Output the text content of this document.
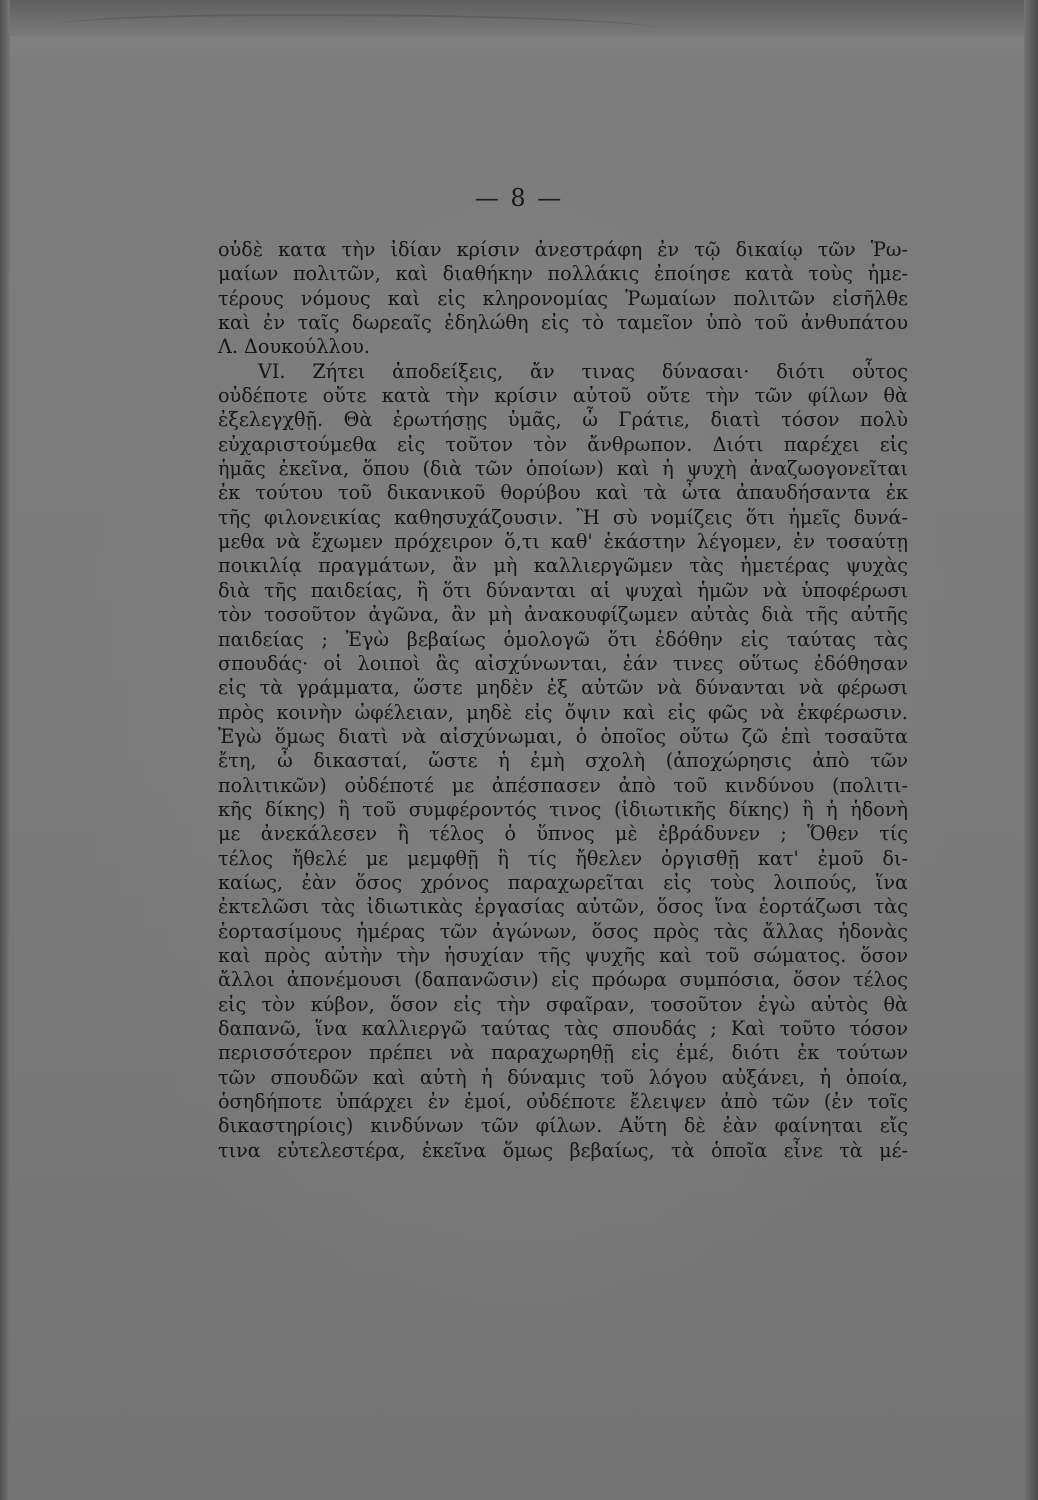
— 8 —
οὐδὲ κατα τὴν ἰδίαν κρίσιν ἀνεστράφη ἐν τῷ δικαίῳ τῶν Ῥω-
μαίων πολιτῶν, καὶ διαθήκην πολλάκις ἐποίησε κατὰ τοὺς ἡμε-
τέρους νόμους καὶ εἰς κληρονομίας Ῥωμαίων πολιτῶν εἰσῆλθε
καὶ ἐν ταῖς δωρεαῖς ἐδηλώθη εἰς τὸ ταμεῖον ὑπὸ τοῦ ἀνθυπάτου
Λ. Δουκούλλου.
VI. Ζήτει ἀποδείξεις, ἄν τινας δύνασαι· διότι οὗτος
οὐδέποτε οὔτε κατὰ τὴν κρίσιν αὐτοῦ οὔτε τὴν τῶν φίλων θὰ
ἐξελεγχθῇ. Θὰ ἐρωτήσῃς ὑμᾶς, ὦ Γράτιε, διατὶ τόσον πολὺ
εὐχαριστούμεθα εἰς τοῦτον τὸν ἄνθρωπον. Διότι παρέχει εἰς
ἡμᾶς ἐκεῖνα, ὅπου (διὰ τῶν ὁποίων) καὶ ἡ ψυχὴ ἀναζωογονεῖται
ἐκ τούτου τοῦ δικανικοῦ θορύβου καὶ τὰ ὦτα ἀπαυδήσαντα ἐκ
τῆς φιλονεικίας καθησυχάζουσιν. Ἢ σὺ νομίζεις ὅτι ἡμεῖς δυνά-
μεθα νὰ ἔχωμεν πρόχειρον ὅ,τι καθ' ἑκάστην λέγομεν, ἐν τοσαύτῃ
ποικιλίᾳ πραγμάτων, ἂν μὴ καλλιεργῶμεν τὰς ἡμετέρας ψυχὰς
διὰ τῆς παιδείας, ἢ ὅτι δύνανται αἱ ψυχαὶ ἡμῶν νὰ ὑποφέρωσι
τὸν τοσοῦτον ἀγῶνα, ἂν μὴ ἀνακουφίζωμεν αὐτὰς διὰ τῆς αὐτῆς
παιδείας ; Ἐγὼ βεβαίως ὁμολογῶ ὅτι ἐδόθην εἰς ταύτας τὰς
σπουδάς· οἱ λοιποὶ ἂς αἰσχύνωνται, ἐάν τινες οὕτως ἐδόθησαν
εἰς τὰ γράμματα, ὥστε μηδὲν ἐξ αὐτῶν νὰ δύνανται νὰ φέρωσι
πρὸς κοινὴν ὠφέλειαν, μηδὲ εἰς ὄψιν καὶ εἰς φῶς νὰ ἐκφέρωσιν.
Ἐγὼ ὅμως διατὶ νὰ αἰσχύνωμαι, ὁ ὁποῖος οὕτω ζῶ ἐπὶ τοσαῦτα
ἔτη, ὦ δικασταί, ὥστε ἡ ἐμὴ σχολὴ (ἀποχώρησις ἀπὸ τῶν
πολιτικῶν) οὐδέποτέ με ἀπέσπασεν ἀπὸ τοῦ κινδύνου (πολιτι-
κῆς δίκης) ἢ τοῦ συμφέροντός τινος (ἰδιωτικῆς δίκης) ἢ ἡ ἡδονὴ
με ἀνεκάλεσεν ἢ τέλος ὁ ὕπνος μὲ ἐβράδυνεν ; Ὅθεν τίς
τέλος ἤθελέ με μεμφθῇ ἢ τίς ἤθελεν ὀργισθῇ κατ' ἐμοῦ δι-
καίως, ἐὰν ὅσος χρόνος παραχωρεῖται εἰς τοὺς λοιπούς, ἵνα
ἐκτελῶσι τὰς ἰδιωτικὰς ἐργασίας αὐτῶν, ὅσος ἵνα ἑορτάζωσι τὰς
ἑορτασίμους ἡμέρας τῶν ἀγώνων, ὅσος πρὸς τὰς ἄλλας ἡδονὰς
καὶ πρὸς αὐτὴν τὴν ἡσυχίαν τῆς ψυχῆς καὶ τοῦ σώματος. ὅσον
ἄλλοι ἀπονέμουσι (δαπανῶσιν) εἰς πρόωρα συμπόσια, ὅσον τέλος
εἰς τὸν κύβον, ὅσον εἰς τὴν σφαῖραν, τοσοῦτον ἐγὼ αὐτὸς θὰ
δαπανῶ, ἵνα καλλιεργῶ ταύτας τὰς σπουδάς ; Καὶ τοῦτο τόσον
περισσότερον πρέπει νὰ παραχωρηθῇ εἰς ἐμέ, διότι ἐκ τούτων
τῶν σπουδῶν καὶ αὐτὴ ἡ δύναμις τοῦ λόγου αὐξάνει, ἡ ὁποία,
ὁσηδήποτε ὑπάρχει ἐν ἐμοί, οὐδέποτε ἔλειψεν ἀπὸ τῶν (ἐν τοῖς
δικαστηρίοις) κινδύνων τῶν φίλων. Αὕτη δὲ ἐὰν φαίνηται εἴς
τινα εὐτελεστέρα, ἐκεῖνα ὅμως βεβαίως, τὰ ὁποῖα εἶνε τὰ μέ-
